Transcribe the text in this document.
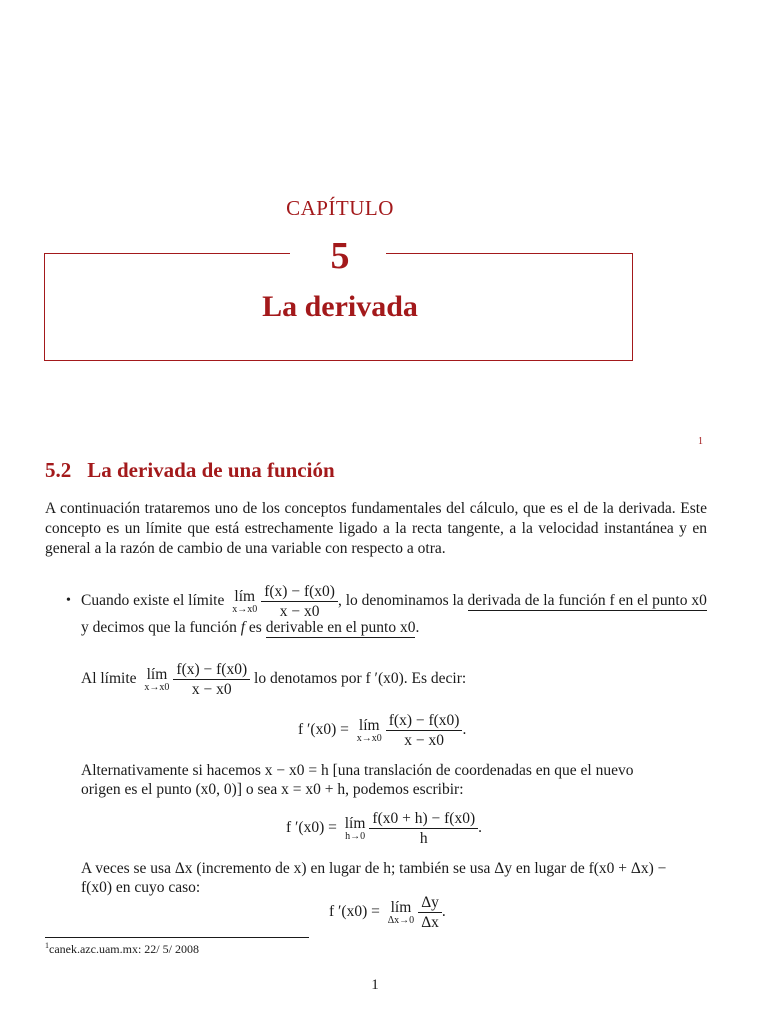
CAPÍTULO
5
La derivada
1
5.2 La derivada de una función
A continuación trataremos uno de los conceptos fundamentales del cálculo, que es el de la derivada. Este concepto es un límite que está estrechamente ligado a la recta tangente, a la velocidad instantánea y en general a la razón de cambio de una variable con respecto a otra.
• Cuando existe el límite lím
$x\to x0 \frac{f(x) - f(x0)}{x - x0}$ , lo denominamos la derivada de la función f en el punto x0
y decimos que la función f es derivable en el punto x0.
Al límite lím
$x\to x0 \frac{f(x) - f(x0)}{x - x0}$ lo denotamos por f ′(x0). Es decir:
f ′(x0) = lím
$x\to x0 \frac{f(x) - f(x0)}{x - x0}$ .
Alternativamente si hacemos x − x0 = h [una translación de coordenadas en que el nuevo
origen es el punto (x0, 0)] o sea x = x0 + h, podemos escribir:
f ′(x0) = lím
$h\to 0 \frac{f(x0 + h) - f(x0)}{h}$ .
A veces se usa Δx (incremento de x) en lugar de h; también se usa Δy en lugar de f(x0 + Δx) −
f(x0) en cuyo caso:
f ′(x0) = lím
$\Delta x\to 0 \frac{\Delta y}{\Delta x}$ .
$^1$canek.azc.uam.mx: 22/ 5/ 2008
1
